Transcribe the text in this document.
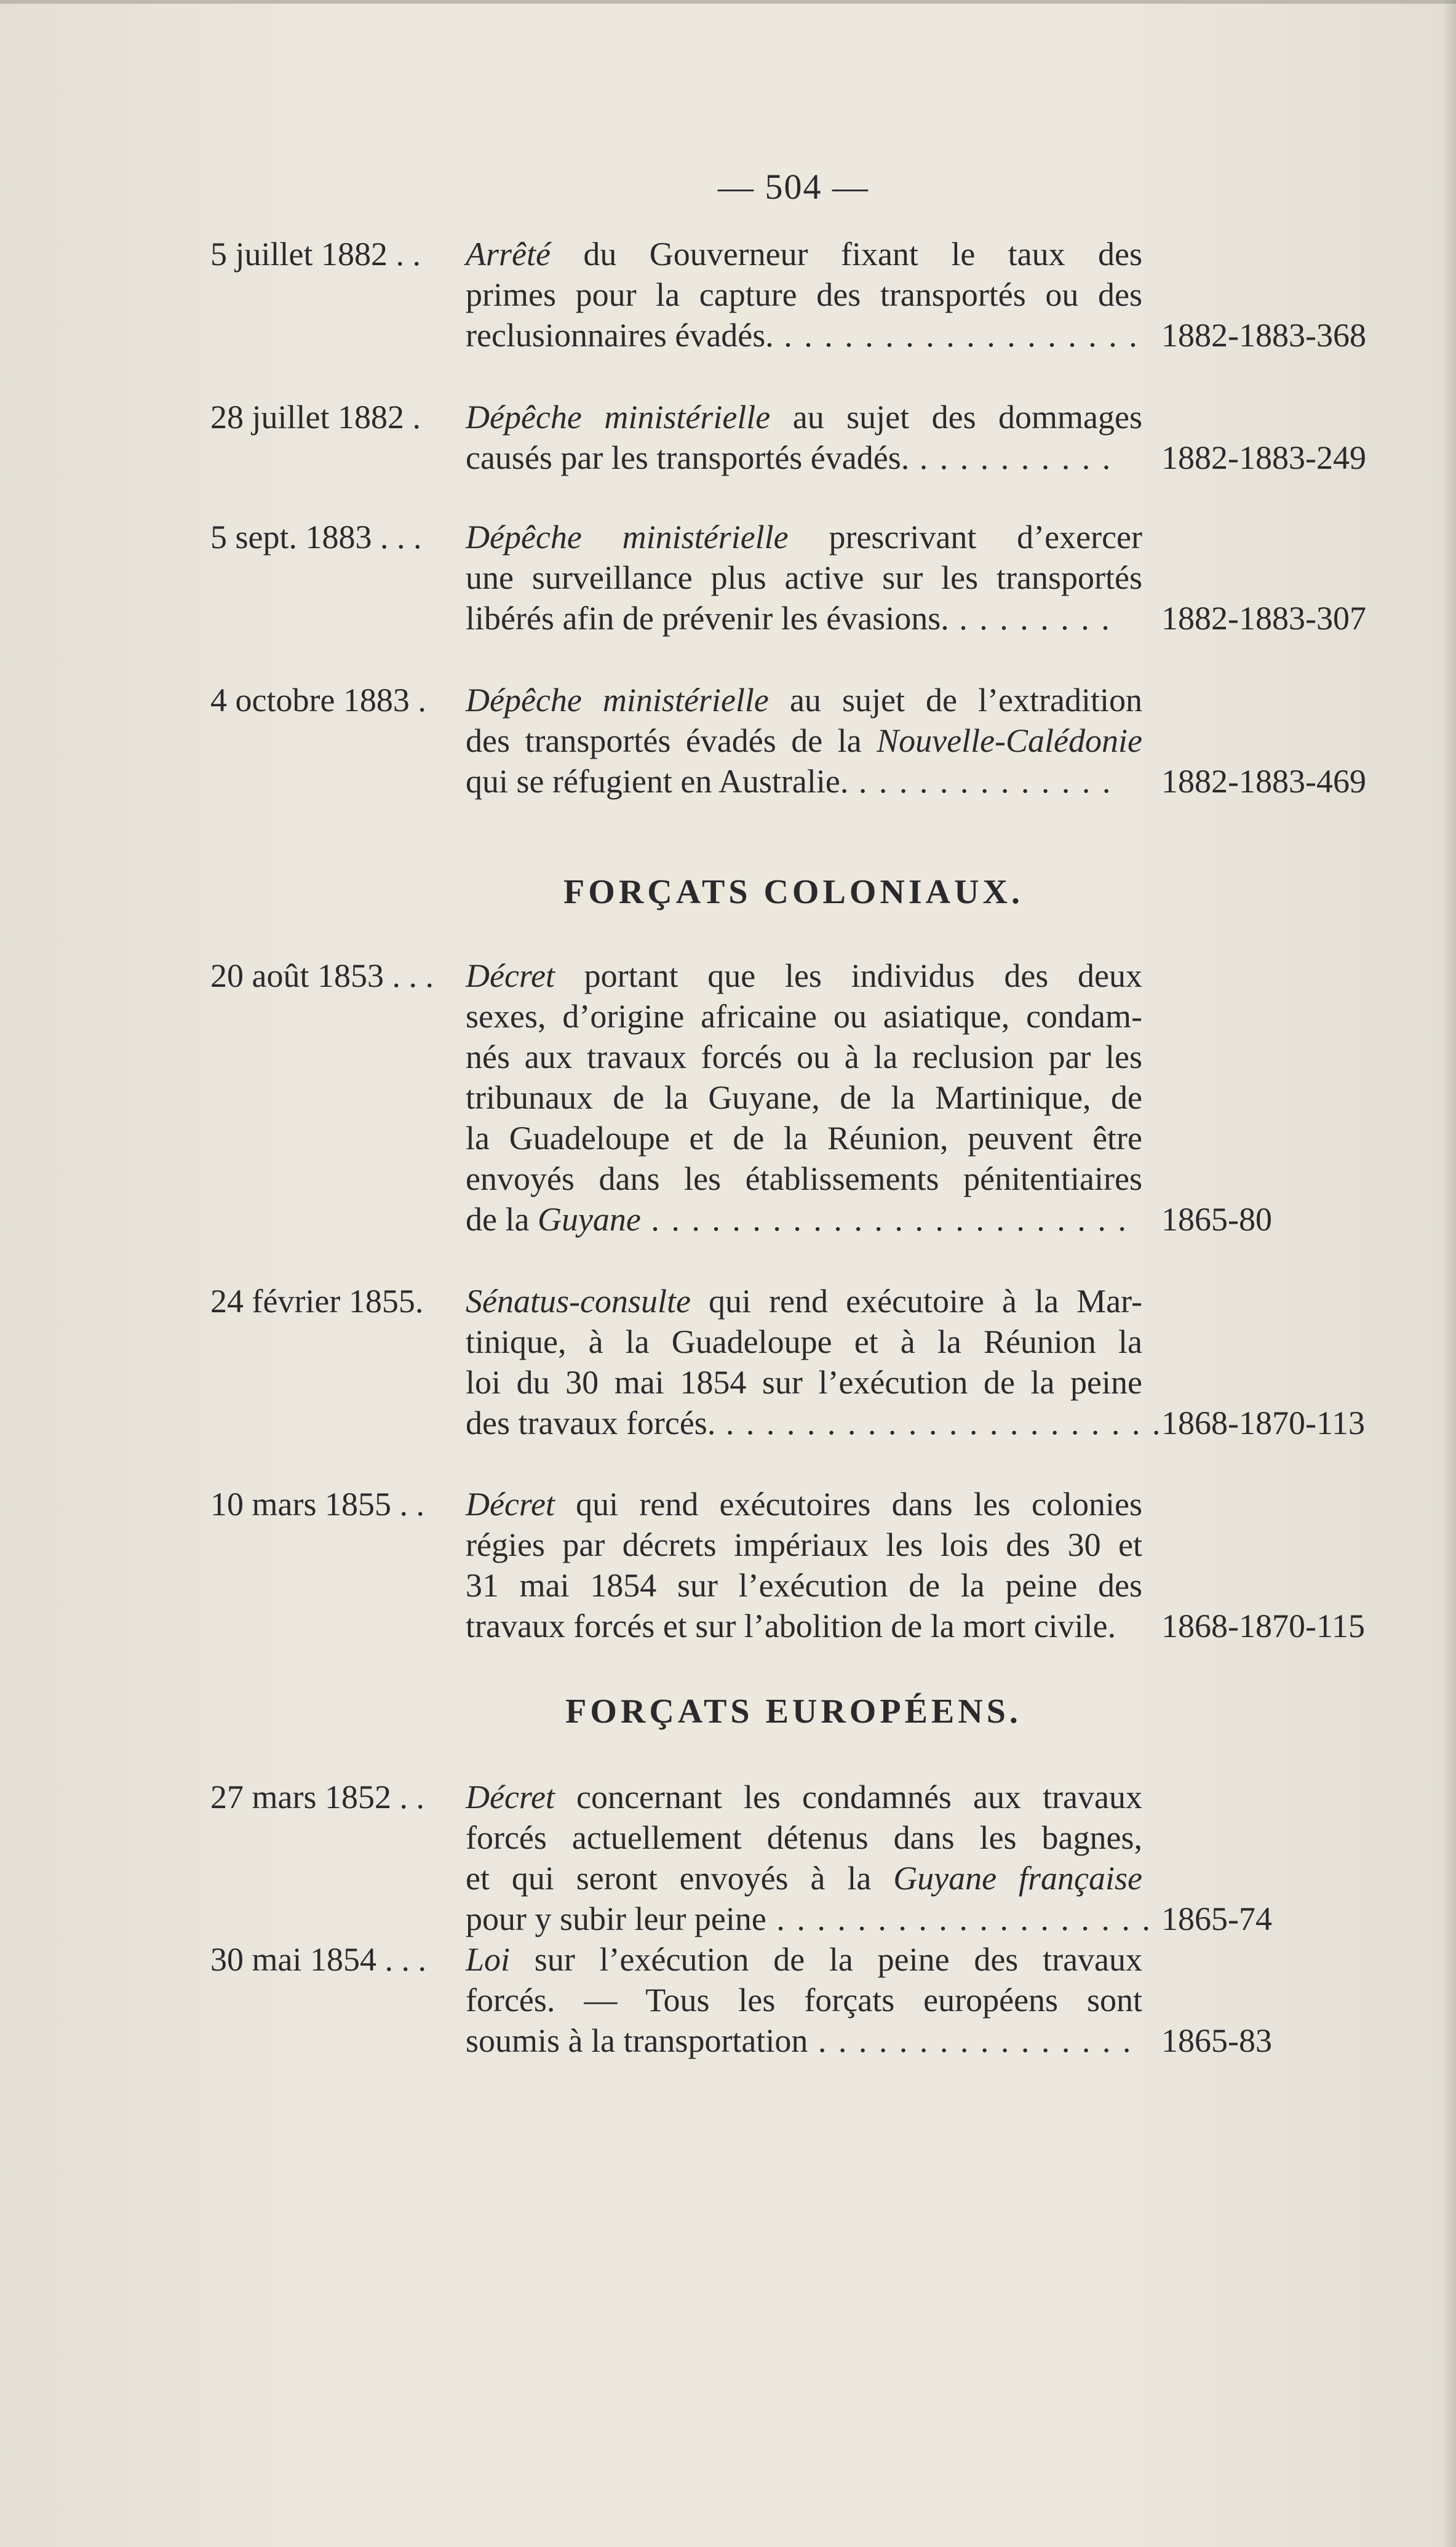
— 504 —
5 juillet 1882 . . Arrêté du Gouverneur fixant le taux des
primes pour la capture des transportés ou des
reclusionnaires évadés. . . . . . . . . . . . . . . . . . . 1882-1883-368
28 juillet 1882 . Dépêche ministérielle au sujet des dommages
causés par les transportés évadés. . . . . . . . . . .	1882-1883-249
5 sept. 1883 . . . Dépêche ministérielle prescrivant d’exercer
une surveillance plus active sur les transportés
libérés afin de prévenir les évasions. . . . . . . . .	1882-1883-307
4 octobre 1883 . Dépêche ministérielle au sujet de l’extradition
des transportés évadés de la Nouvelle-Calédonie
qui se réfugient en Australie. . . . . . . . . . . . . .	1882-1883-469
FORÇATS COLONIAUX.
20 août 1853 . . . Décret portant que les individus des deux
sexes, d’origine africaine ou asiatique, condam-
nés aux travaux forcés ou à la reclusion par les
tribunaux de la Guyane, de la Martinique, de
la Guadeloupe et de la Réunion, peuvent être
envoyés dans les établissements pénitentiaires
de la Guyane . . . . . . . . . . . . . . . . . . . . . . . .	1865-80
24 février 1855. Sénatus-consulte qui rend exécutoire à la Mar-
tinique, à la Guadeloupe et à la Réunion la
loi du 30 mai 1854 sur l’exécution de la peine
des travaux forcés. . . . . . . . . . . . . . . . . . . . . . .
1868-1870-113
10 mars 1855 . . Décret qui rend exécutoires dans les colonies
régies par décrets impériaux les lois des 30 et
31 mai 1854 sur l’exécution de la peine des
travaux forcés et sur l’abolition de la mort civile.	1868-1870-115
FORÇATS EUROPÉENS.
27 mars 1852 . . Décret concernant les condamnés aux travaux
forcés actuellement détenus dans les bagnes,
et qui seront envoyés à la Guyane française
pour y subir leur peine . . . . . . . . . . . . . . . . . . . 1865-74
30 mai 1854 . . . Loi sur l’exécution de la peine des travaux
forcés. — Tous les forçats européens sont
soumis à la transportation . . . . . . . . . . . . . . . . 1865-83
